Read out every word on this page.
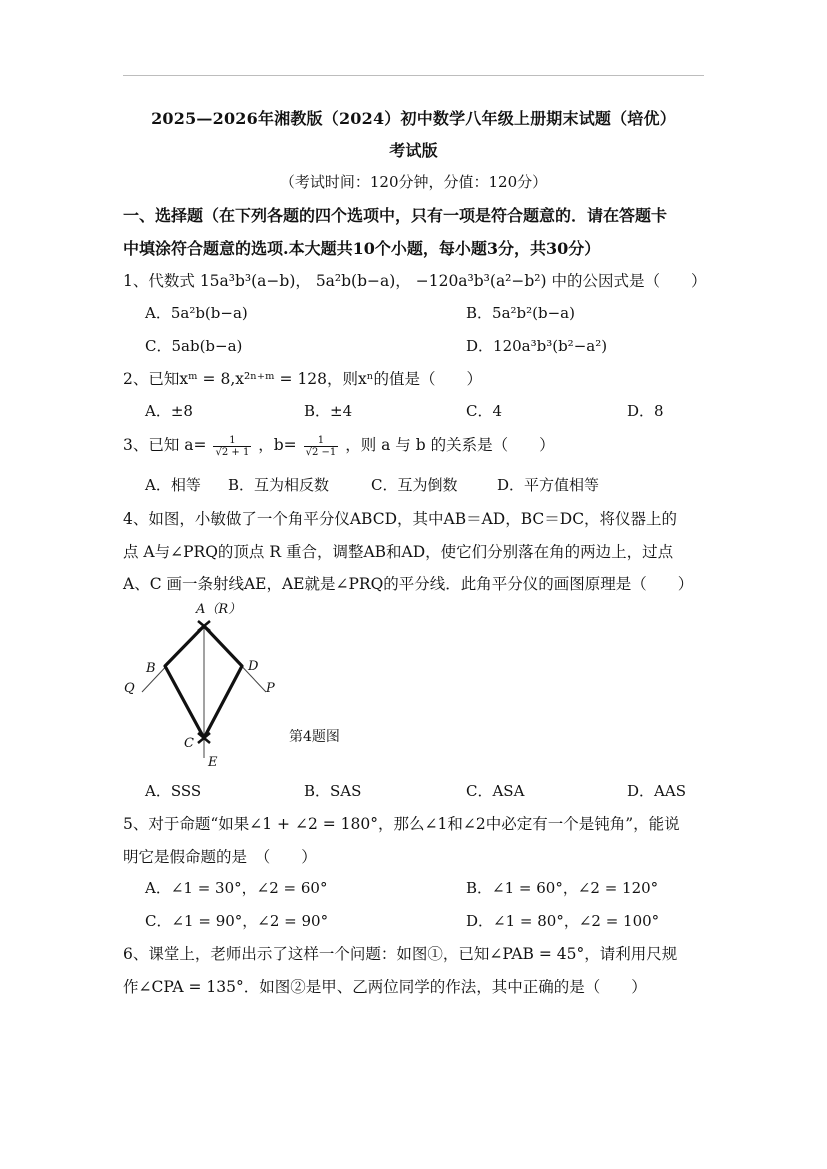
2025—2026年湘教版（2024）初中数学八年级上册期末试题（培优）
考试版
（考试时间：120分钟，分值：120分）
一、选择题（在下列各题的四个选项中，只有一项是符合题意的．请在答题卡
中填涂符合题意的选项.本大题共10个小题，每小题3分，共30分）
1、代数式 15a³b³(a−b)， 5a²b(b−a)， −120a³b³(a²−b²) 中的公因式是（　　）
A．5a²b(b−a)	B．5a²b²(b−a)
C．5ab(b−a)	D．120a³b³(b²−a²)
2、已知xᵐ = 8,x²ⁿ⁺ᵐ = 128，则xⁿ的值是（　　）
A．±8	B．±4	C．4	D．8
3、已知 $a= \frac{1}{√2 + 1}$ ，$b= \frac{1}{√2 -1}$ ，则 a 与 b 的关系是（　　）
A．相等 B．互为相反数	C．互为倒数	D．平方值相等
4、如图，小敏做了一个角平分仪ABCD，其中AB＝AD，BC＝DC，将仪器上的
点 A与∠PRQ的顶点 R 重合，调整AB和AD，使它们分别落在角的两边上，过点
A、C 画一条射线AE，AE就是∠PRQ的平分线．此角平分仪的画图原理是（　　）
A（R）
B	D
Q	P
C
E
第4题图
A．SSS	B．SAS	C．ASA	D．AAS
5、对于命题“如果∠1 + ∠2 = 180°，那么∠1和∠2中必定有一个是钝角”，能说
明它是假命题的是　（　　）
A．∠1 = 30°，∠2 = 60°	B．∠1 = 60°，∠2 = 120°
C．∠1 = 90°，∠2 = 90°	D．∠1 = 80°，∠2 = 100°
6、课堂上，老师出示了这样一个问题：如图①，已知∠PAB = 45°，请利用尺规
作∠CPA = 135°．如图②是甲、乙两位同学的作法，其中正确的是（　　）
